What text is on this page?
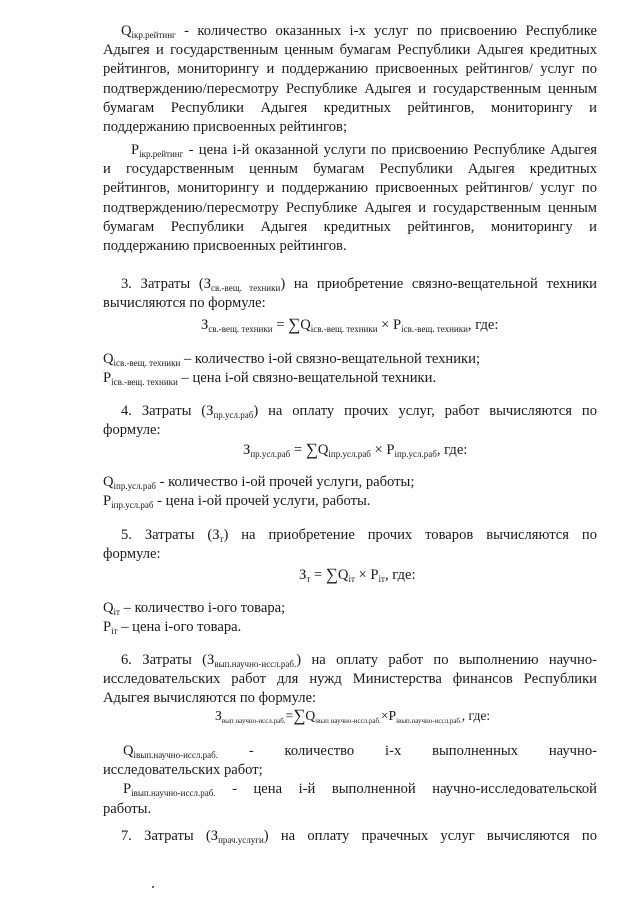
$Q_{ікр.рейтинг}$ - количество оказанных і-х услуг по присвоению Республике
Адыгея и государственным ценным бумагам Республики Адыгея кредитных
рейтингов, мониторингу и поддержанию присвоенных рейтингов/ услуг по
подтверждению/пересмотру Республике Адыгея и государственным ценным
бумагам Республики Адыгея кредитных рейтингов, мониторингу и
поддержанию присвоенных рейтингов;
$P_{ікр.рейтинг}$ - цена і-й оказанной услуги по присвоению Республике Адыгея
и государственным ценным бумагам Республики Адыгея кредитных
рейтингов, мониторингу и поддержанию присвоенных рейтингов/ услуг по
подтверждению/пересмотру Республике Адыгея и государственным ценным
бумагам Республики Адыгея кредитных рейтингов, мониторингу и
поддержанию присвоенных рейтингов.
3. Затраты $(З_{св.-вещ. техники})$ на приобретение связно-вещательной техники
вычисляются по формуле:
$З_{св.-вещ. техники} = \sum Q_{ісв.-вещ. техники} \times P_{ісв.-вещ. техники}$, где:
$Q_{ісв.-вещ. техники}$ – количество і-ой связно-вещательной техники;
$P_{ісв.-вещ. техники}$ – цена і-ой связно-вещательной техники.
4. Затраты $(З_{пр.усл.раб})$ на оплату прочих услуг, работ вычисляются по
формуле:
$З_{пр.усл.раб} = \sum Q_{іпр.усл.раб} \times P_{іпр.усл.раб}$, где:
$Q_{іпр.усл.раб}$ - количество і-ой прочей услуги, работы;
$P_{іпр.усл.раб}$ - цена і-ой прочей услуги, работы.
5. Затраты $(З_т)$ на приобретение прочих товаров вычисляются по
формуле:
$З_т = \sum Q_{іт} \times P_{іт}$, где:
$Q_{іт}$ – количество і-ого товара;
$P_{іт}$ – цена і-ого товара.
6. Затраты $(З_{вып.научно-иссл.раб.})$ на оплату работ по выполнению научно-
исследовательских работ для нужд Министерства финансов Республики
Адыгея вычисляются по формуле:
$З_{вып научно-иссл.раб.}=\sum Q_{івып научно-иссл.раб.}\times P_{івып.научно-иссл.раб.}$, где:
$Q_{івып.научно-иссл.раб.}$ - количество і-х выполненных научно-
исследовательских работ;
$P_{івып.научно-иссл.раб.}$ - цена і-й выполненной научно-исследовательской
работы.
7. Затраты $(З_{прач.услуги})$ на оплату прачечных услуг вычисляются по
